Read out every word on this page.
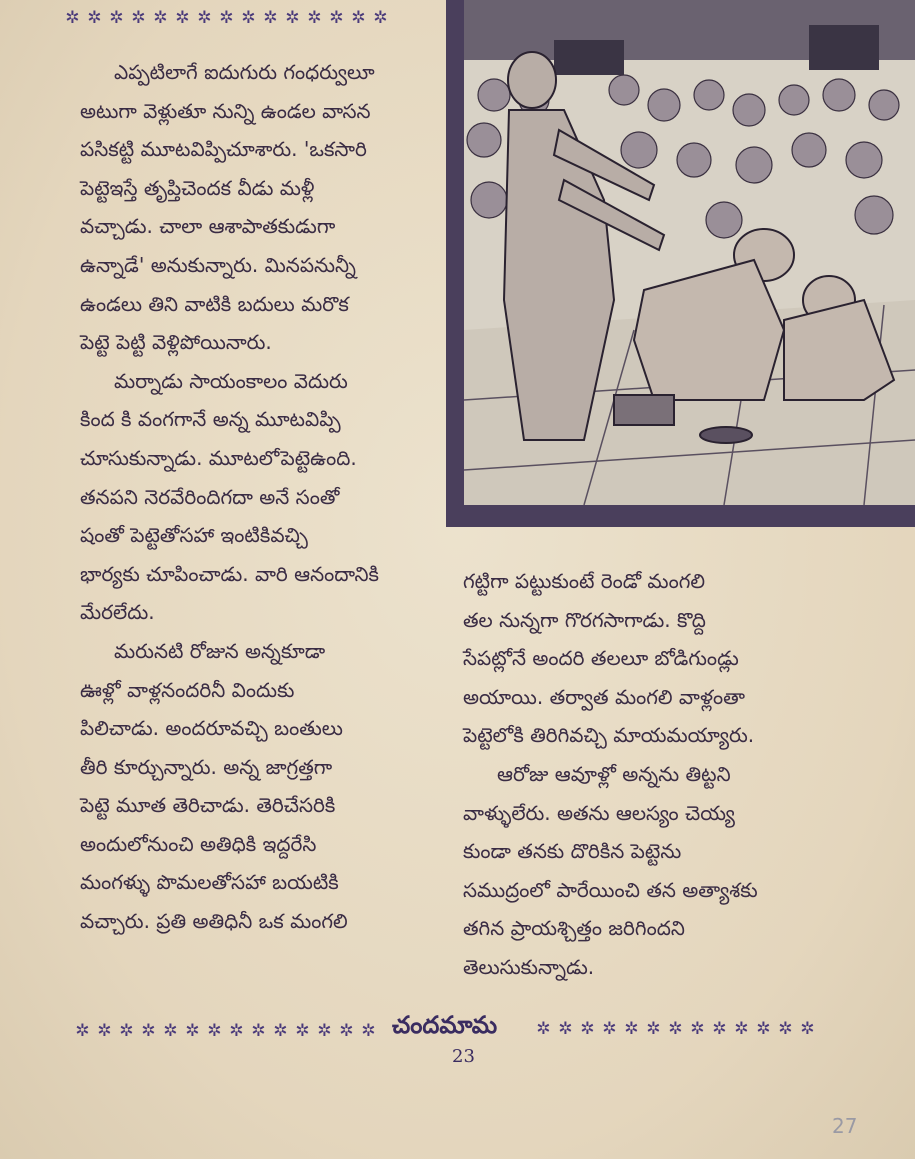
✲ ✲ ✲ ✲ ✲ ✲ ✲ ✲ ✲ ✲ ✲ ✲ ✲ ✲ ✲

ఎప్పటిలాగే ఐదుగురు గంధర్వులూ

అటుగా వెళ్లుతూ నున్ని ఉండల వాసన

పసికట్టి మూటవిప్పిచూశారు. 'ఒకసారి

పెట్టెఇస్తే తృప్తిచెందక వీడు మళ్లీ

వచ్చాడు. చాలా ఆశాపాతకుడుగా

ఉన్నాడే' అనుకున్నారు. మినపనున్నీ

ఉండలు తిని వాటికి బదులు మరొక

పెట్టె పెట్టి వెళ్లిపోయినారు.

మర్నాడు సాయంకాలం వెదురు

కింద కి వంగగానే అన్న మూటవిప్పి

చూసుకున్నాడు. మూటలోపెట్టెఉంది.

తనపని నెరవేరిందిగదా అనే సంతో

షంతో పెట్టెతోసహా ఇంటికివచ్చి

భార్యకు చూపించాడు. వారి ఆనందానికి

మేరలేదు.

మరునటి రోజున అన్నకూడా

ఊళ్లో వాళ్లనందరినీ విందుకు

పిలిచాడు. అందరూవచ్చి బంతులు

తీరి కూర్చున్నారు. అన్న జాగ్రత్తగా

పెట్టె మూత తెరిచాడు. తెరిచేసరికి

అందులోనుంచి అతిధికి ఇద్దరేసి

మంగళ్ళు పొమలతోసహా బయటికి

వచ్చారు. ప్రతి అతిధినీ ఒక మంగలి

గట్టిగా పట్టుకుంటే రెండో మంగలి

తల నున్నగా గొరగసాగాడు. కొద్ది

సేపట్లోనే అందరి తలలూ బోడిగుండ్లు

అయాయి. తర్వాత మంగలి వాళ్లంతా

పెట్టెలోకి తిరిగివచ్చి మాయమయ్యారు.

ఆరోజు ఆవూళ్లో అన్నను తిట్టని

వాళ్ళులేరు. అతను ఆలస్యం చెయ్య

కుండా తనకు దొరికిన పెట్టెను

సముద్రంలో పారేయించి తన అత్యాశకు

తగిన ప్రాయశ్చిత్తం జరిగిందని

తెలుసుకున్నాడు.

✲ ✲ ✲ ✲ ✲ ✲ ✲ ✲ ✲ ✲ ✲ ✲ ✲ ✲	✲ ✲ ✲ ✲ ✲ ✲ ✲ ✲ ✲ ✲ ✲ ✲ ✲
చందమామ
23
27
